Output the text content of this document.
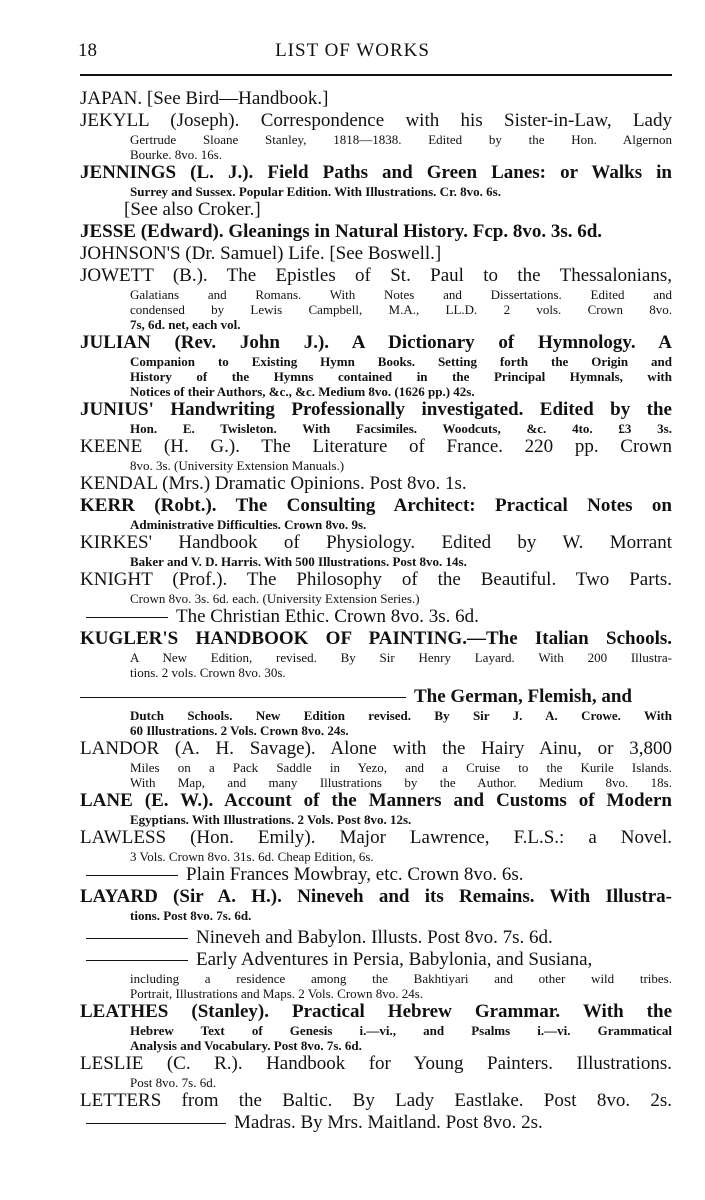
18	LIST OF WORKS
JAPAN. [See Bird—Handbook.]
JEKYLL (Joseph). Correspondence with his Sister-in-Law, Lady
Gertrude Sloane Stanley, 1818—1838. Edited by the Hon. Algernon
Bourke. 8vo. 16s.
JENNINGS (L. J.). Field Paths and Green Lanes: or Walks in
Surrey and Sussex. Popular Edition. With Illustrations. Cr. 8vo. 6s.
[See also Croker.]
JESSE (Edward). Gleanings in Natural History. Fcp. 8vo. 3s. 6d.
JOHNSON'S (Dr. Samuel) Life. [See Boswell.]
JOWETT (B.). The Epistles of St. Paul to the Thessalonians,
Galatians and Romans. With Notes and Dissertations. Edited and
condensed by Lewis Campbell, M.A., LL.D. 2 vols. Crown 8vo.
7s, 6d. net, each vol.
JULIAN (Rev. John J.). A Dictionary of Hymnology. A
Companion to Existing Hymn Books. Setting forth the Origin and
History of the Hymns contained in the Principal Hymnals, with
Notices of their Authors, &c., &c. Medium 8vo. (1626 pp.) 42s.
JUNIUS' Handwriting Professionally investigated. Edited by the
Hon. E. Twisleton. With Facsimiles. Woodcuts, &c. 4to. £3 3s.
KEENE (H. G.). The Literature of France. 220 pp. Crown
8vo. 3s. (University Extension Manuals.)
KENDAL (Mrs.) Dramatic Opinions. Post 8vo. 1s.
KERR (Robt.). The Consulting Architect: Practical Notes on
Administrative Difficulties. Crown 8vo. 9s.
KIRKES' Handbook of Physiology. Edited by W. Morrant
Baker and V. D. Harris. With 500 Illustrations. Post 8vo. 14s.
KNIGHT (Prof.). The Philosophy of the Beautiful. Two Parts.
Crown 8vo. 3s. 6d. each. (University Extension Series.)
The Christian Ethic. Crown 8vo. 3s. 6d.
KUGLER'S HANDBOOK OF PAINTING.—The Italian Schools.
A New Edition, revised. By Sir Henry Layard. With 200 Illustra-
tions. 2 vols. Crown 8vo. 30s.
The German, Flemish, and
Dutch Schools. New Edition revised. By Sir J. A. Crowe. With
60 Illustrations. 2 Vols. Crown 8vo. 24s.
LANDOR (A. H. Savage). Alone with the Hairy Ainu, or 3,800
Miles on a Pack Saddle in Yezo, and a Cruise to the Kurile Islands.
With Map, and many Illustrations by the Author. Medium 8vo. 18s.
LANE (E. W.). Account of the Manners and Customs of Modern
Egyptians. With Illustrations. 2 Vols. Post 8vo. 12s.
LAWLESS (Hon. Emily). Major Lawrence, F.L.S.: a Novel.
3 Vols. Crown 8vo. 31s. 6d. Cheap Edition, 6s.
Plain Frances Mowbray, etc. Crown 8vo. 6s.
LAYARD (Sir A. H.). Nineveh and its Remains. With Illustra-
tions. Post 8vo. 7s. 6d.
Nineveh and Babylon. Illusts. Post 8vo. 7s. 6d.
Early Adventures in Persia, Babylonia, and Susiana,
including a residence among the Bakhtiyari and other wild tribes.
Portrait, Illustrations and Maps. 2 Vols. Crown 8vo. 24s.
LEATHES (Stanley). Practical Hebrew Grammar. With the
Hebrew Text of Genesis i.—vi., and Psalms i.—vi. Grammatical
Analysis and Vocabulary. Post 8vo. 7s. 6d.
LESLIE (C. R.). Handbook for Young Painters. Illustrations.
Post 8vo. 7s. 6d.
LETTERS from the Baltic. By Lady Eastlake. Post 8vo. 2s.
Madras. By Mrs. Maitland. Post 8vo. 2s.
